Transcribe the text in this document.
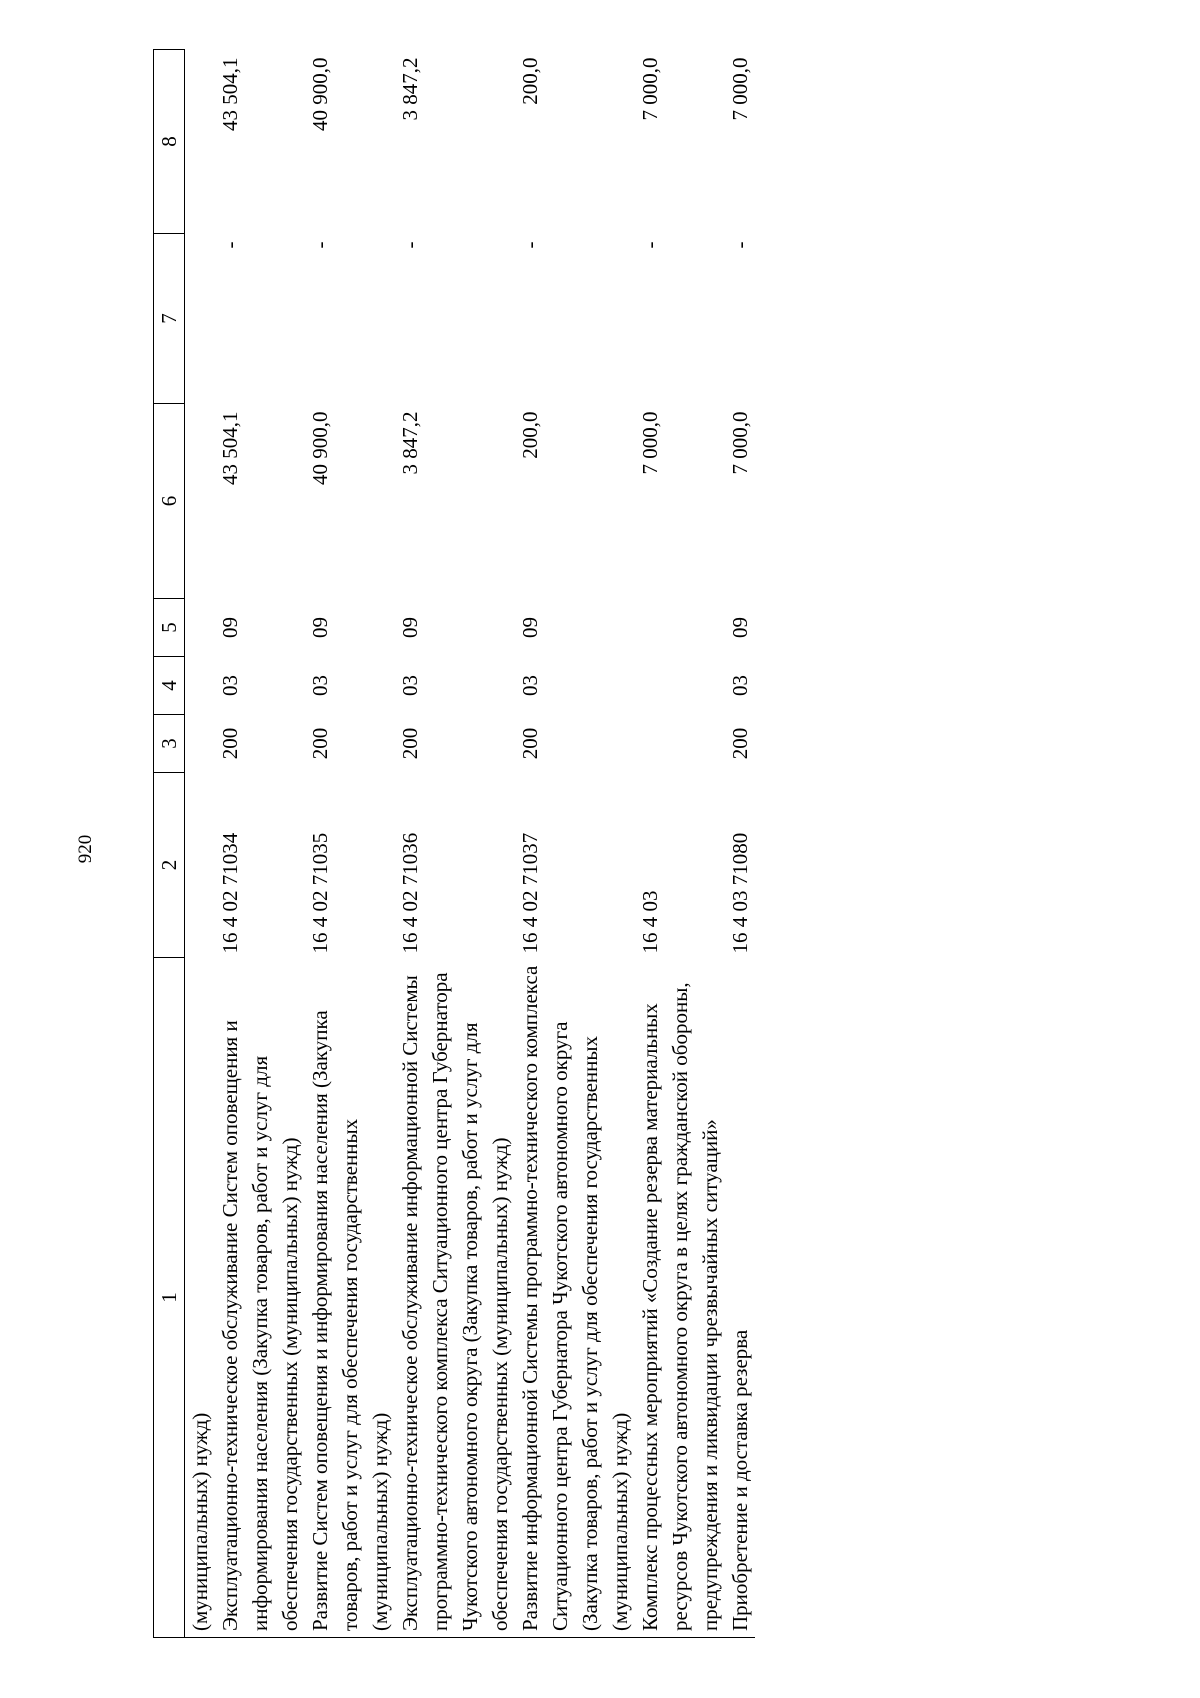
920
1	2	3	4	5	6	7	8
(муниципальных) нужд)							
Эксплуатационно-техническое обслуживание Систем оповещения и информирования населения (Закупка товаров, работ и услуг для обеспечения государственных (муниципальных) нужд)	16 4 02 71034	200	03	09	43 504,1	-	43 504,1
Развитие Систем оповещения и информирования населения (Закупка товаров, работ и услуг для обеспечения государственных (муниципальных) нужд)	16 4 02 71035	200	03	09	40 900,0	-	40 900,0
Эксплуатационно-техническое обслуживание информационной Системы программно-технического комплекса Ситуационного центра Губернатора Чукотского автономного округа (Закупка товаров, работ и услуг для обеспечения государственных (муниципальных) нужд)	16 4 02 71036	200	03	09	3 847,2	-	3 847,2
Развитие информационной Системы программно-технического комплекса Ситуационного центра Губернатора Чукотского автономного округа (Закупка товаров, работ и услуг для обеспечения государственных (муниципальных) нужд)	16 4 02 71037	200	03	09	200,0	-	200,0
Комплекс процессных мероприятий «Создание резерва материальных ресурсов Чукотского автономного округа в целях гражданской обороны, предупреждения и ликвидации чрезвычайных ситуаций»	16 4 03				7 000,0	-	7 000,0
Приобретение и доставка резерва	16 4 03 71080	200	03	09	7 000,0	-	7 000,0
